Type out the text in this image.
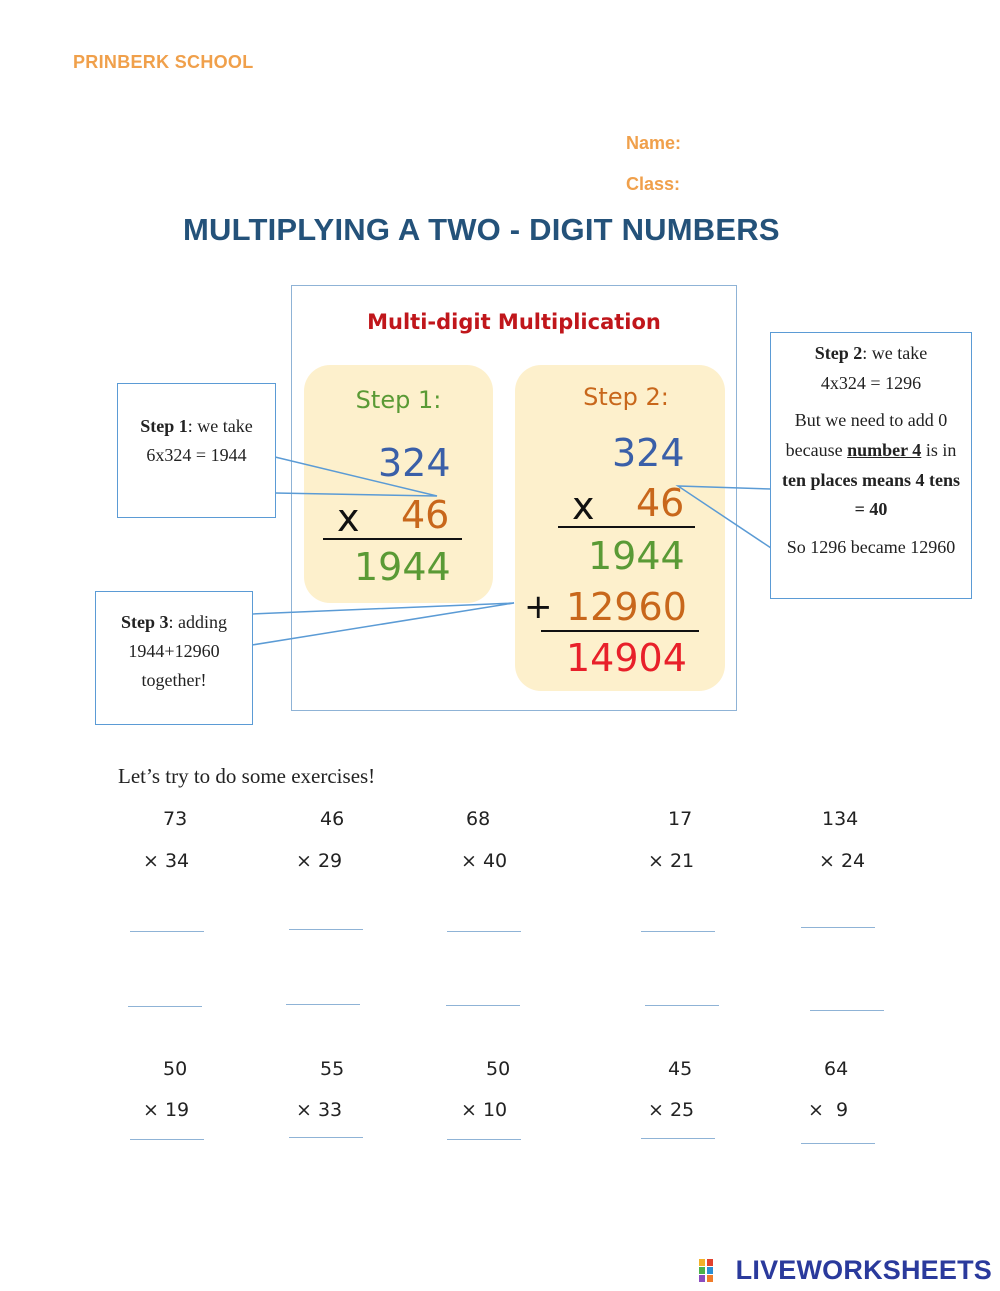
PRINBERK SCHOOL
Name:
Class:
MULTIPLYING A TWO - DIGIT NUMBERS
Multi-digit Multiplication
Step 1:
324
x 46
1944
Step 2:
324
x 46
1944
+ 12960
14904
Step 1: we take
6x324 = 1944
Step 2: we take
4x324 = 1296
But we need to add 0 because number 4 is in ten places means 4 tens = 40
So 1296 became 12960
Step 3: adding
1944+12960
together!
Let’s try to do some exercises!
73
× 34
46
× 29
68
× 40
17
× 21
134
× 24
50
× 19
55
× 33
50
× 10
45
× 25
64
×  9
LIVEWORKSHEETS
